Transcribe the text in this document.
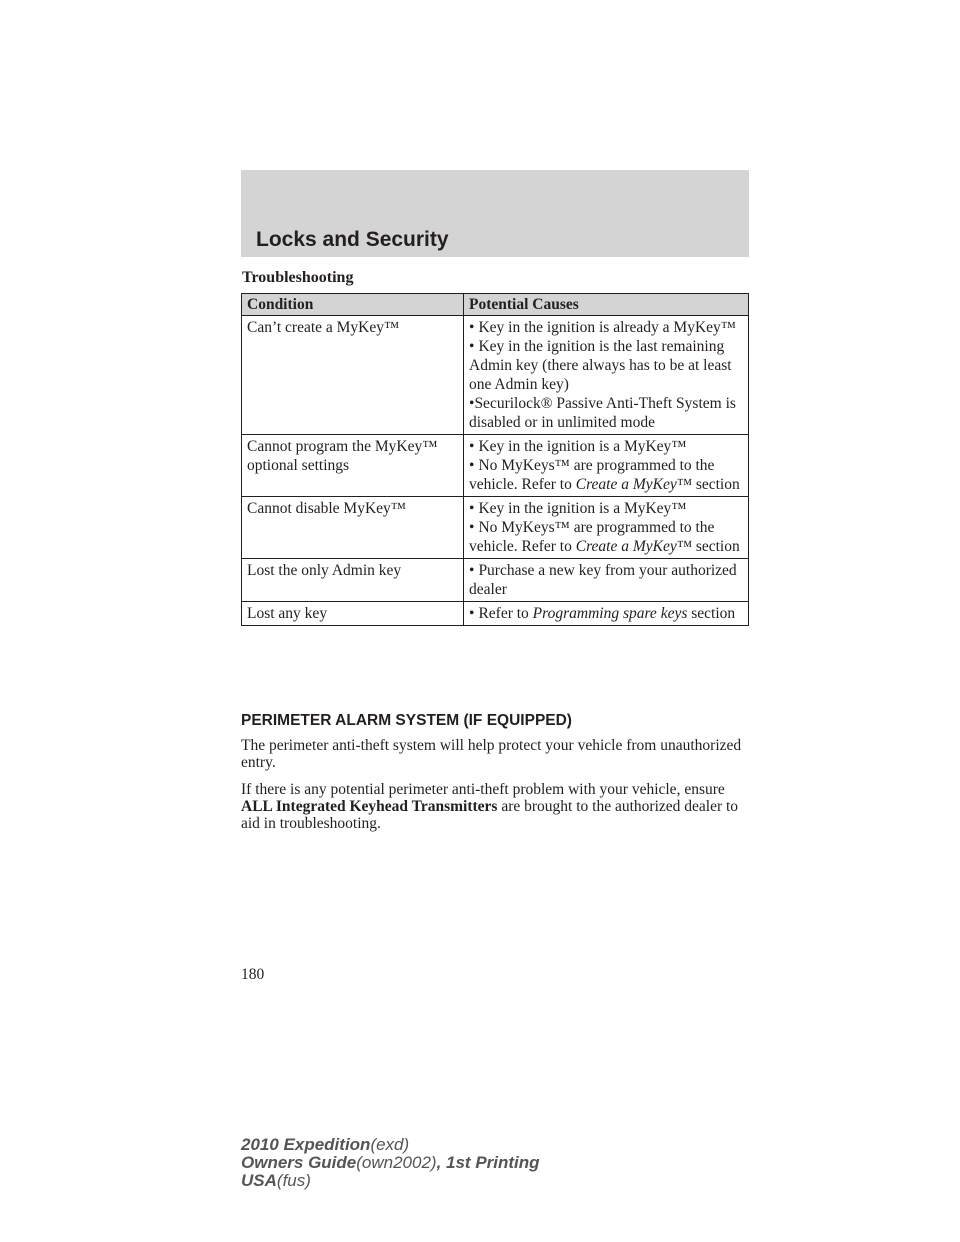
Locks and Security

Troubleshooting

Condition	Potential Causes
Can’t create a MyKey™	• Key in the ignition is already a MyKey™
• Key in the ignition is the last remaining Admin key (there always has to be at least one Admin key)
•Securilock® Passive Anti-Theft System is disabled or in unlimited mode

Cannot program the MyKey™ optional settings	• Key in the ignition is a MyKey™
• No MyKeys™ are programmed to the vehicle. Refer to Create a MyKey™ section

Cannot disable MyKey™	• Key in the ignition is a MyKey™
• No MyKeys™ are programmed to the vehicle. Refer to Create a MyKey™ section

Lost the only Admin key	• Purchase a new key from your authorized dealer

Lost any key	• Refer to Programming spare keys section
PERIMETER ALARM SYSTEM (IF EQUIPPED)

The perimeter anti-theft system will help protect your vehicle from unauthorized entry.

If there is any potential perimeter anti-theft problem with your vehicle, ensure ALL Integrated Keyhead Transmitters are brought to the authorized dealer to aid in troubleshooting.

180

2010 Expedition(exd)
Owners Guide(own2002), 1st Printing
USA(fus)
